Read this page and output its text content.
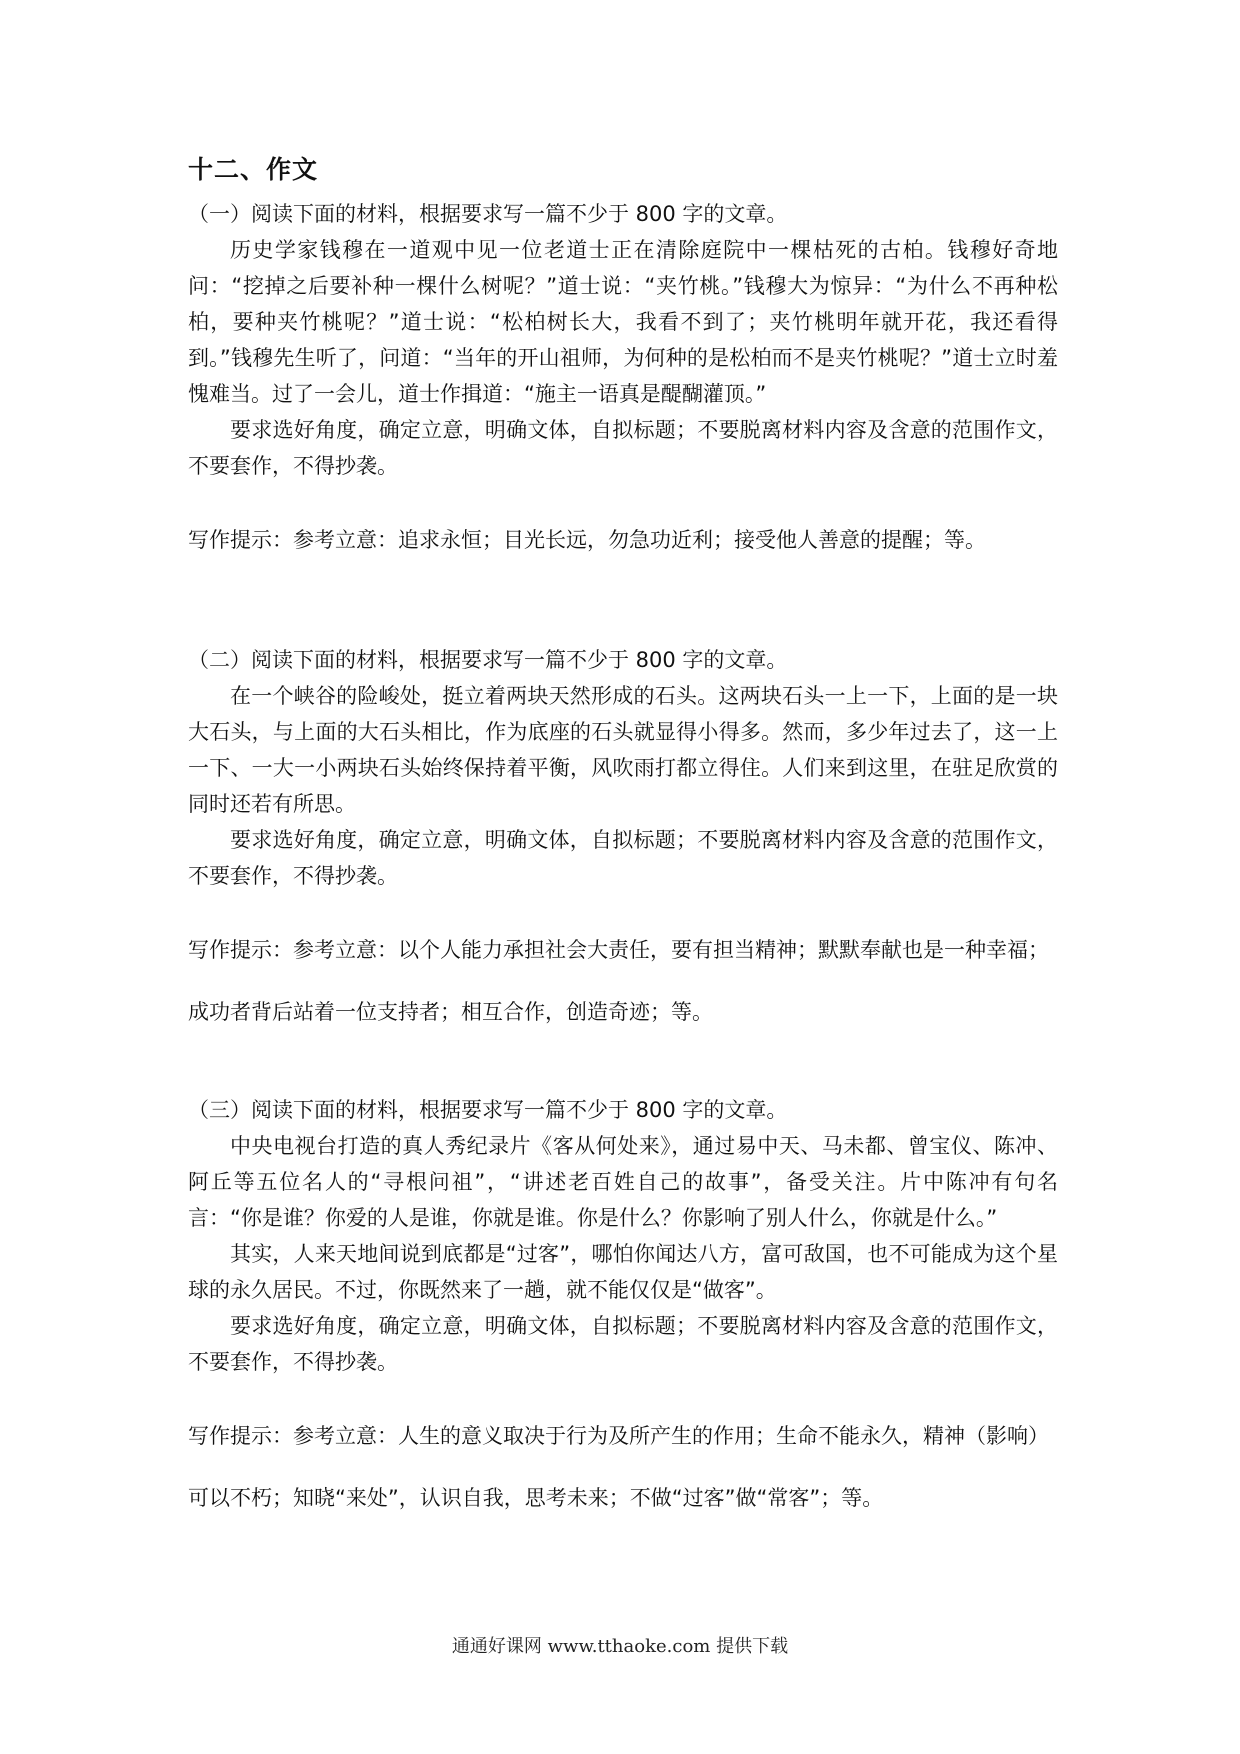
十二、作文

（一）阅读下面的材料，根据要求写一篇不少于 800 字的文章。

历史学家钱穆在一道观中见一位老道士正在清除庭院中一棵枯死的古柏。钱穆好奇地问：“挖掉之后要补种一棵什么树呢？”道士说：“夹竹桃。”钱穆大为惊异：“为什么不再种松柏，要种夹竹桃呢？”道士说：“松柏树长大，我看不到了；夹竹桃明年就开花，我还看得到。”钱穆先生听了，问道：“当年的开山祖师，为何种的是松柏而不是夹竹桃呢？”道士立时羞愧难当。过了一会儿，道士作揖道：“施主一语真是醍醐灌顶。”

要求选好角度，确定立意，明确文体，自拟标题；不要脱离材料内容及含意的范围作文，不要套作，不得抄袭。

写作提示：参考立意：追求永恒；目光长远，勿急功近利；接受他人善意的提醒；等。

（二）阅读下面的材料，根据要求写一篇不少于 800 字的文章。

在一个峡谷的险峻处，挺立着两块天然形成的石头。这两块石头一上一下，上面的是一块大石头，与上面的大石头相比，作为底座的石头就显得小得多。然而，多少年过去了，这一上一下、一大一小两块石头始终保持着平衡，风吹雨打都立得住。人们来到这里，在驻足欣赏的同时还若有所思。

要求选好角度，确定立意，明确文体，自拟标题；不要脱离材料内容及含意的范围作文，不要套作，不得抄袭。

写作提示：参考立意：以个人能力承担社会大责任，要有担当精神；默默奉献也是一种幸福；

成功者背后站着一位支持者；相互合作，创造奇迹；等。

（三）阅读下面的材料，根据要求写一篇不少于 800 字的文章。

中央电视台打造的真人秀纪录片《客从何处来》，通过易中天、马未都、曾宝仪、陈冲、阿丘等五位名人的“寻根问祖”，“讲述老百姓自己的故事”，备受关注。片中陈冲有句名言：“你是谁？你爱的人是谁，你就是谁。你是什么？你影响了别人什么，你就是什么。”

其实，人来天地间说到底都是“过客”，哪怕你闻达八方，富可敌国，也不可能成为这个星球的永久居民。不过，你既然来了一趟，就不能仅仅是“做客”。

要求选好角度，确定立意，明确文体，自拟标题；不要脱离材料内容及含意的范围作文，不要套作，不得抄袭。

写作提示：参考立意：人生的意义取决于行为及所产生的作用；生命不能永久，精神（影响）

可以不朽；知晓“来处”，认识自我，思考未来；不做“过客”做“常客”；等。

通通好课网 www.tthaoke.com 提供下载
